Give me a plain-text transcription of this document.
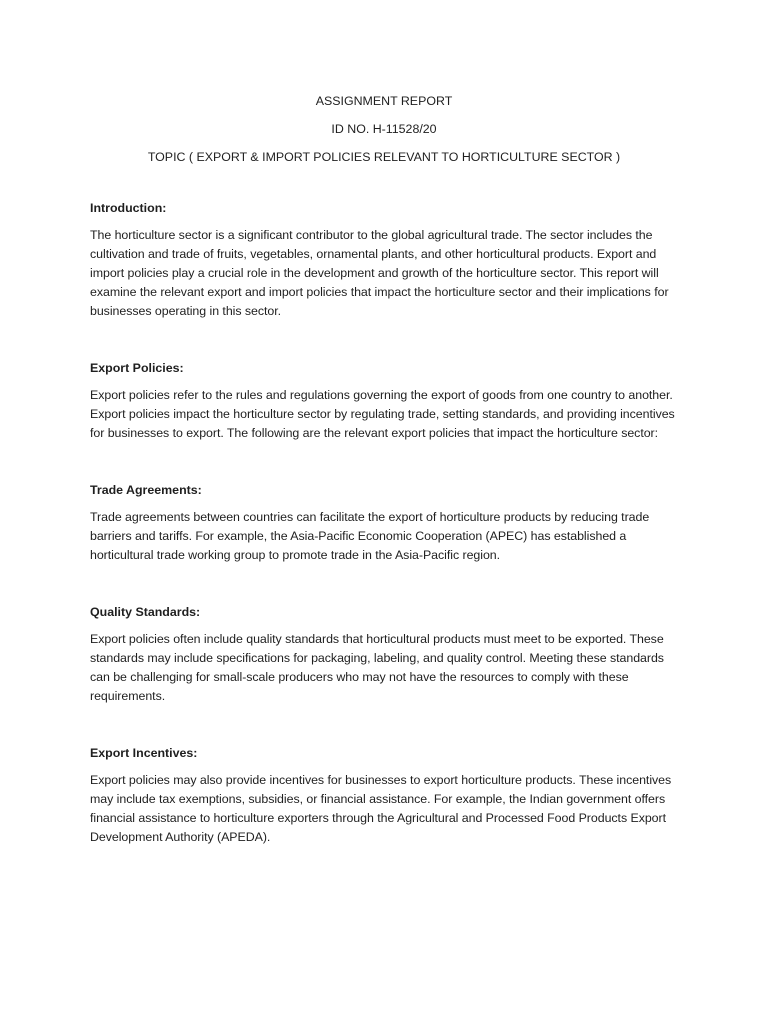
ASSIGNMENT REPORT

ID NO. H-11528/20

TOPIC ( EXPORT & IMPORT POLICIES RELEVANT TO HORTICULTURE SECTOR )

Introduction:

The horticulture sector is a significant contributor to the global agricultural trade. The sector includes the cultivation and trade of fruits, vegetables, ornamental plants, and other horticultural products. Export and import policies play a crucial role in the development and growth of the horticulture sector. This report will examine the relevant export and import policies that impact the horticulture sector and their implications for businesses operating in this sector.

Export Policies:

Export policies refer to the rules and regulations governing the export of goods from one country to another. Export policies impact the horticulture sector by regulating trade, setting standards, and providing incentives for businesses to export. The following are the relevant export policies that impact the horticulture sector:

Trade Agreements:

Trade agreements between countries can facilitate the export of horticulture products by reducing trade barriers and tariffs. For example, the Asia-Pacific Economic Cooperation (APEC) has established a horticultural trade working group to promote trade in the Asia-Pacific region.

Quality Standards:

Export policies often include quality standards that horticultural products must meet to be exported. These standards may include specifications for packaging, labeling, and quality control. Meeting these standards can be challenging for small-scale producers who may not have the resources to comply with these requirements.

Export Incentives:

Export policies may also provide incentives for businesses to export horticulture products. These incentives may include tax exemptions, subsidies, or financial assistance. For example, the Indian government offers financial assistance to horticulture exporters through the Agricultural and Processed Food Products Export Development Authority (APEDA).
